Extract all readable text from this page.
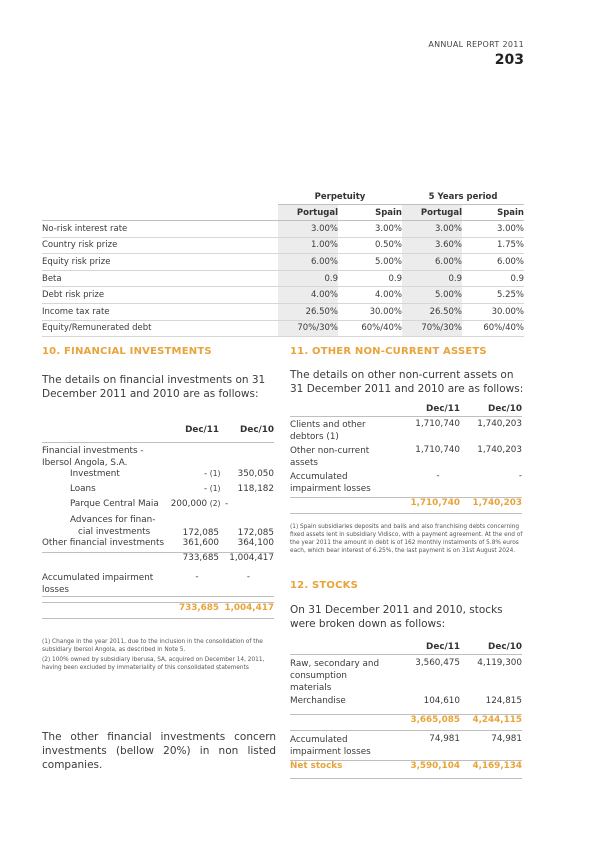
ANNUAL REPORT 2011
203
	Perpetuity		5 Years period	
	Portugal	Spain	Portugal	Spain
No-risk interest rate	3.00%	3.00%	3.00%	3.00%
Country risk prize	1.00%	0.50%	3.60%	1.75%
Equity risk prize	6.00%	5.00%	6.00%	6.00%
Beta	0.9	0.9	0.9	0.9
Debt risk prize	4.00%	4.00%	5.00%	5.25%
Income tax rate	26.50%	30.00%	26.50%	30.00%
Equity/Remunerated debt	70%/30%	60%/40%	70%/30%	60%/40%
10. FINANCIAL INVESTMENTS
The details on financial investments on 31 December 2011 and 2010 are as follows:
	Dec/11		Dec/10

Financial investments - Ibersol Angola, S.A.			

Investment	-	(1)	350,050
Loans	-	(1)	118,182
Parque Central Maia	200,000	(2)	-
Advances for finan-
cial investments	172,085		172,085
Other financial investments	361,600		364,100
	733,685		1,004,417
Accumulated impairment
losses	-		-

	733,685		1,004,417
(1) Change in the year 2011, due to the inclusion in the consolidation of the subsidiary Ibersol Angola, as described in Note 5.
(2) 100% owned by subsidiary Iberusa, SA, acquired on December 14, 2011, having been excluded by immateriality of this consolidated statements
The other financial investments concern investments (bellow 20%) in non listed companies.
11. OTHER NON-CURRENT ASSETS
The details on other non-current assets on 31 December 2011 and 2010 are as follows:
	Dec/11	Dec/10
Clients and other
debtors (1)	1,710,740	1,740,203
Other non-current
assets	1,710,740	1,740,203
Accumulated
impairment losses	-	-
	1,710,740	1,740,203
(1) Spain subsidiaries deposits and bails and also franchising debts concerning fixed assets lent in subsidiary Vidisco, with a payment agreement. At the end of the year 2011 the amount in debt is of 162 monthly instalments of 5.8% euros each, which bear interest of 6.25%, the last payment is on 31st August 2024.
12. STOCKS
On 31 December 2011 and 2010, stocks were broken down as follows:
	Dec/11	Dec/10
Raw, secondary and
consumption materials	3,560,475	4,119,300
Merchandise	104,610	124,815
	3,665,085	4,244,115
Accumulated
impairment losses	74,981	74,981
Net stocks	3,590,104	4,169,134
